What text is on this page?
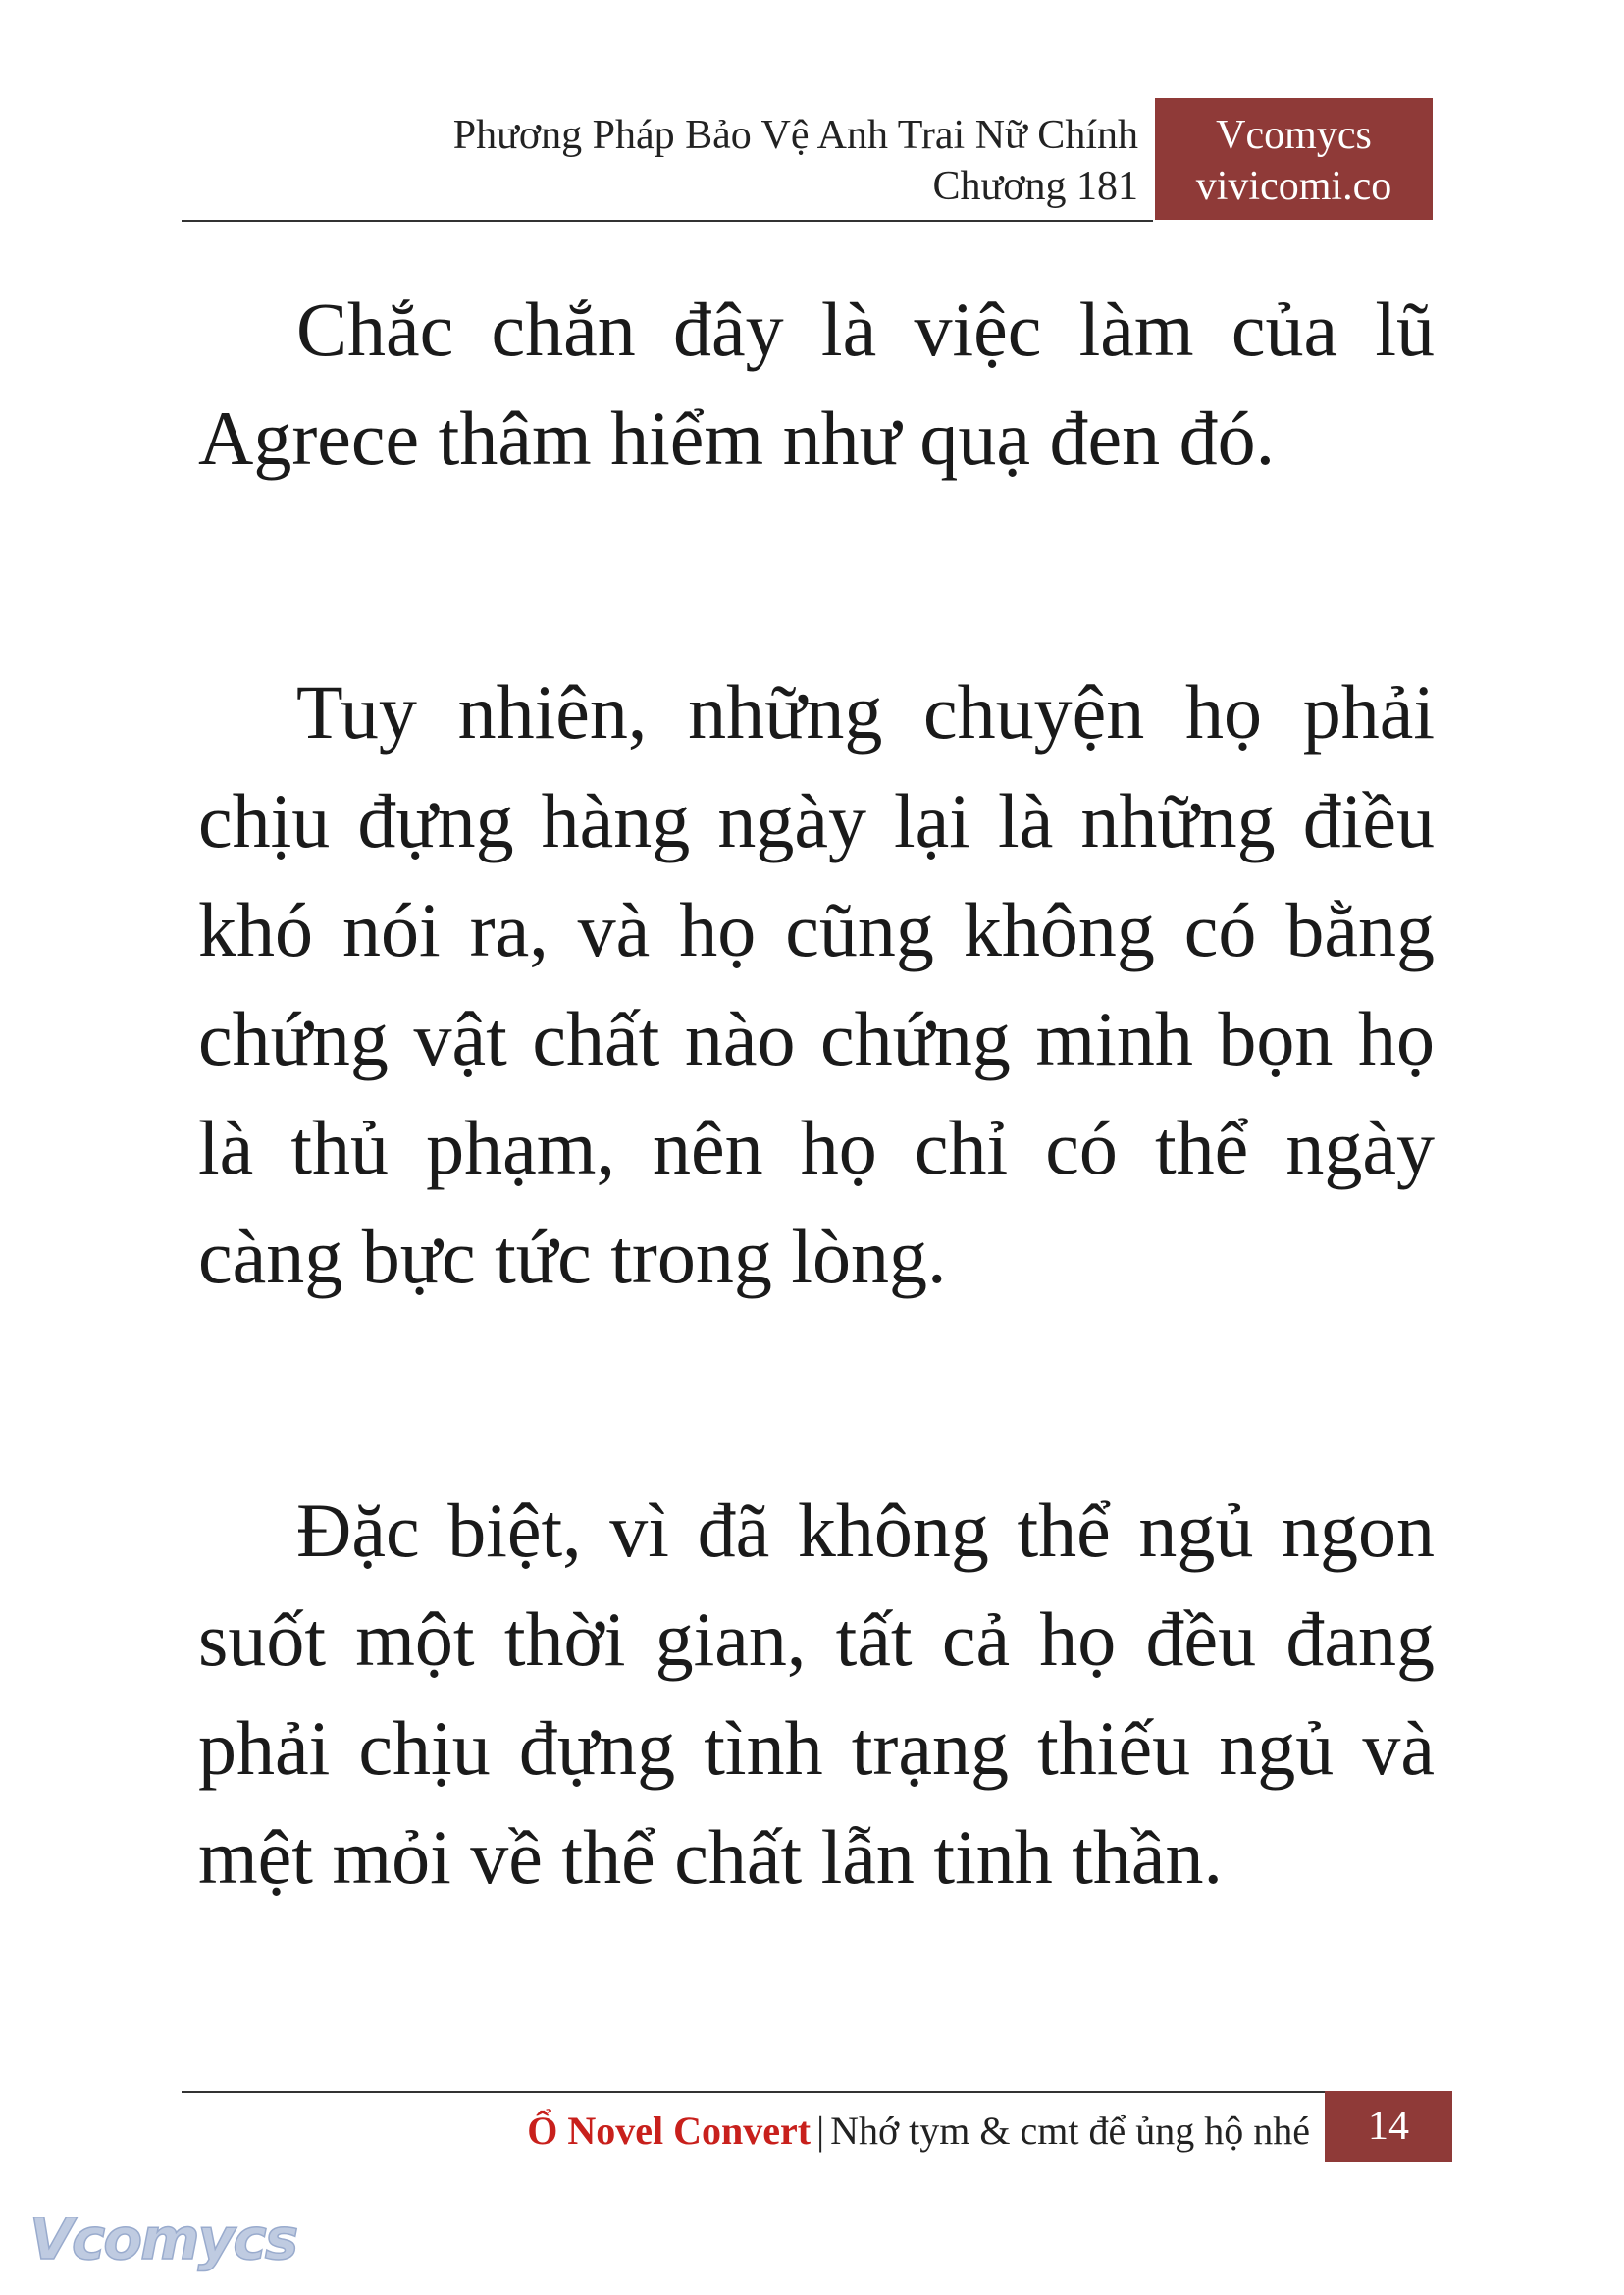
Phương Pháp Bảo Vệ Anh Trai Nữ Chính
Chương 181
Vcomycs
vivicomi.co

Chắc chắn đây là việc làm của lũ Agrece thâm hiểm như quạ đen đó.

Tuy nhiên, những chuyện họ phải chịu đựng hàng ngày lại là những điều khó nói ra, và họ cũng không có bằng chứng vật chất nào chứng minh bọn họ là thủ phạm, nên họ chỉ có thể ngày càng bực tức trong lòng.

Đặc biệt, vì đã không thể ngủ ngon suốt một thời gian, tất cả họ đều đang phải chịu đựng tình trạng thiếu ngủ và mệt mỏi về thể chất lẫn tinh thần.

Ổ Novel Convert | Nhớ tym & cmt để ủng hộ nhé	14
Vcomycs
